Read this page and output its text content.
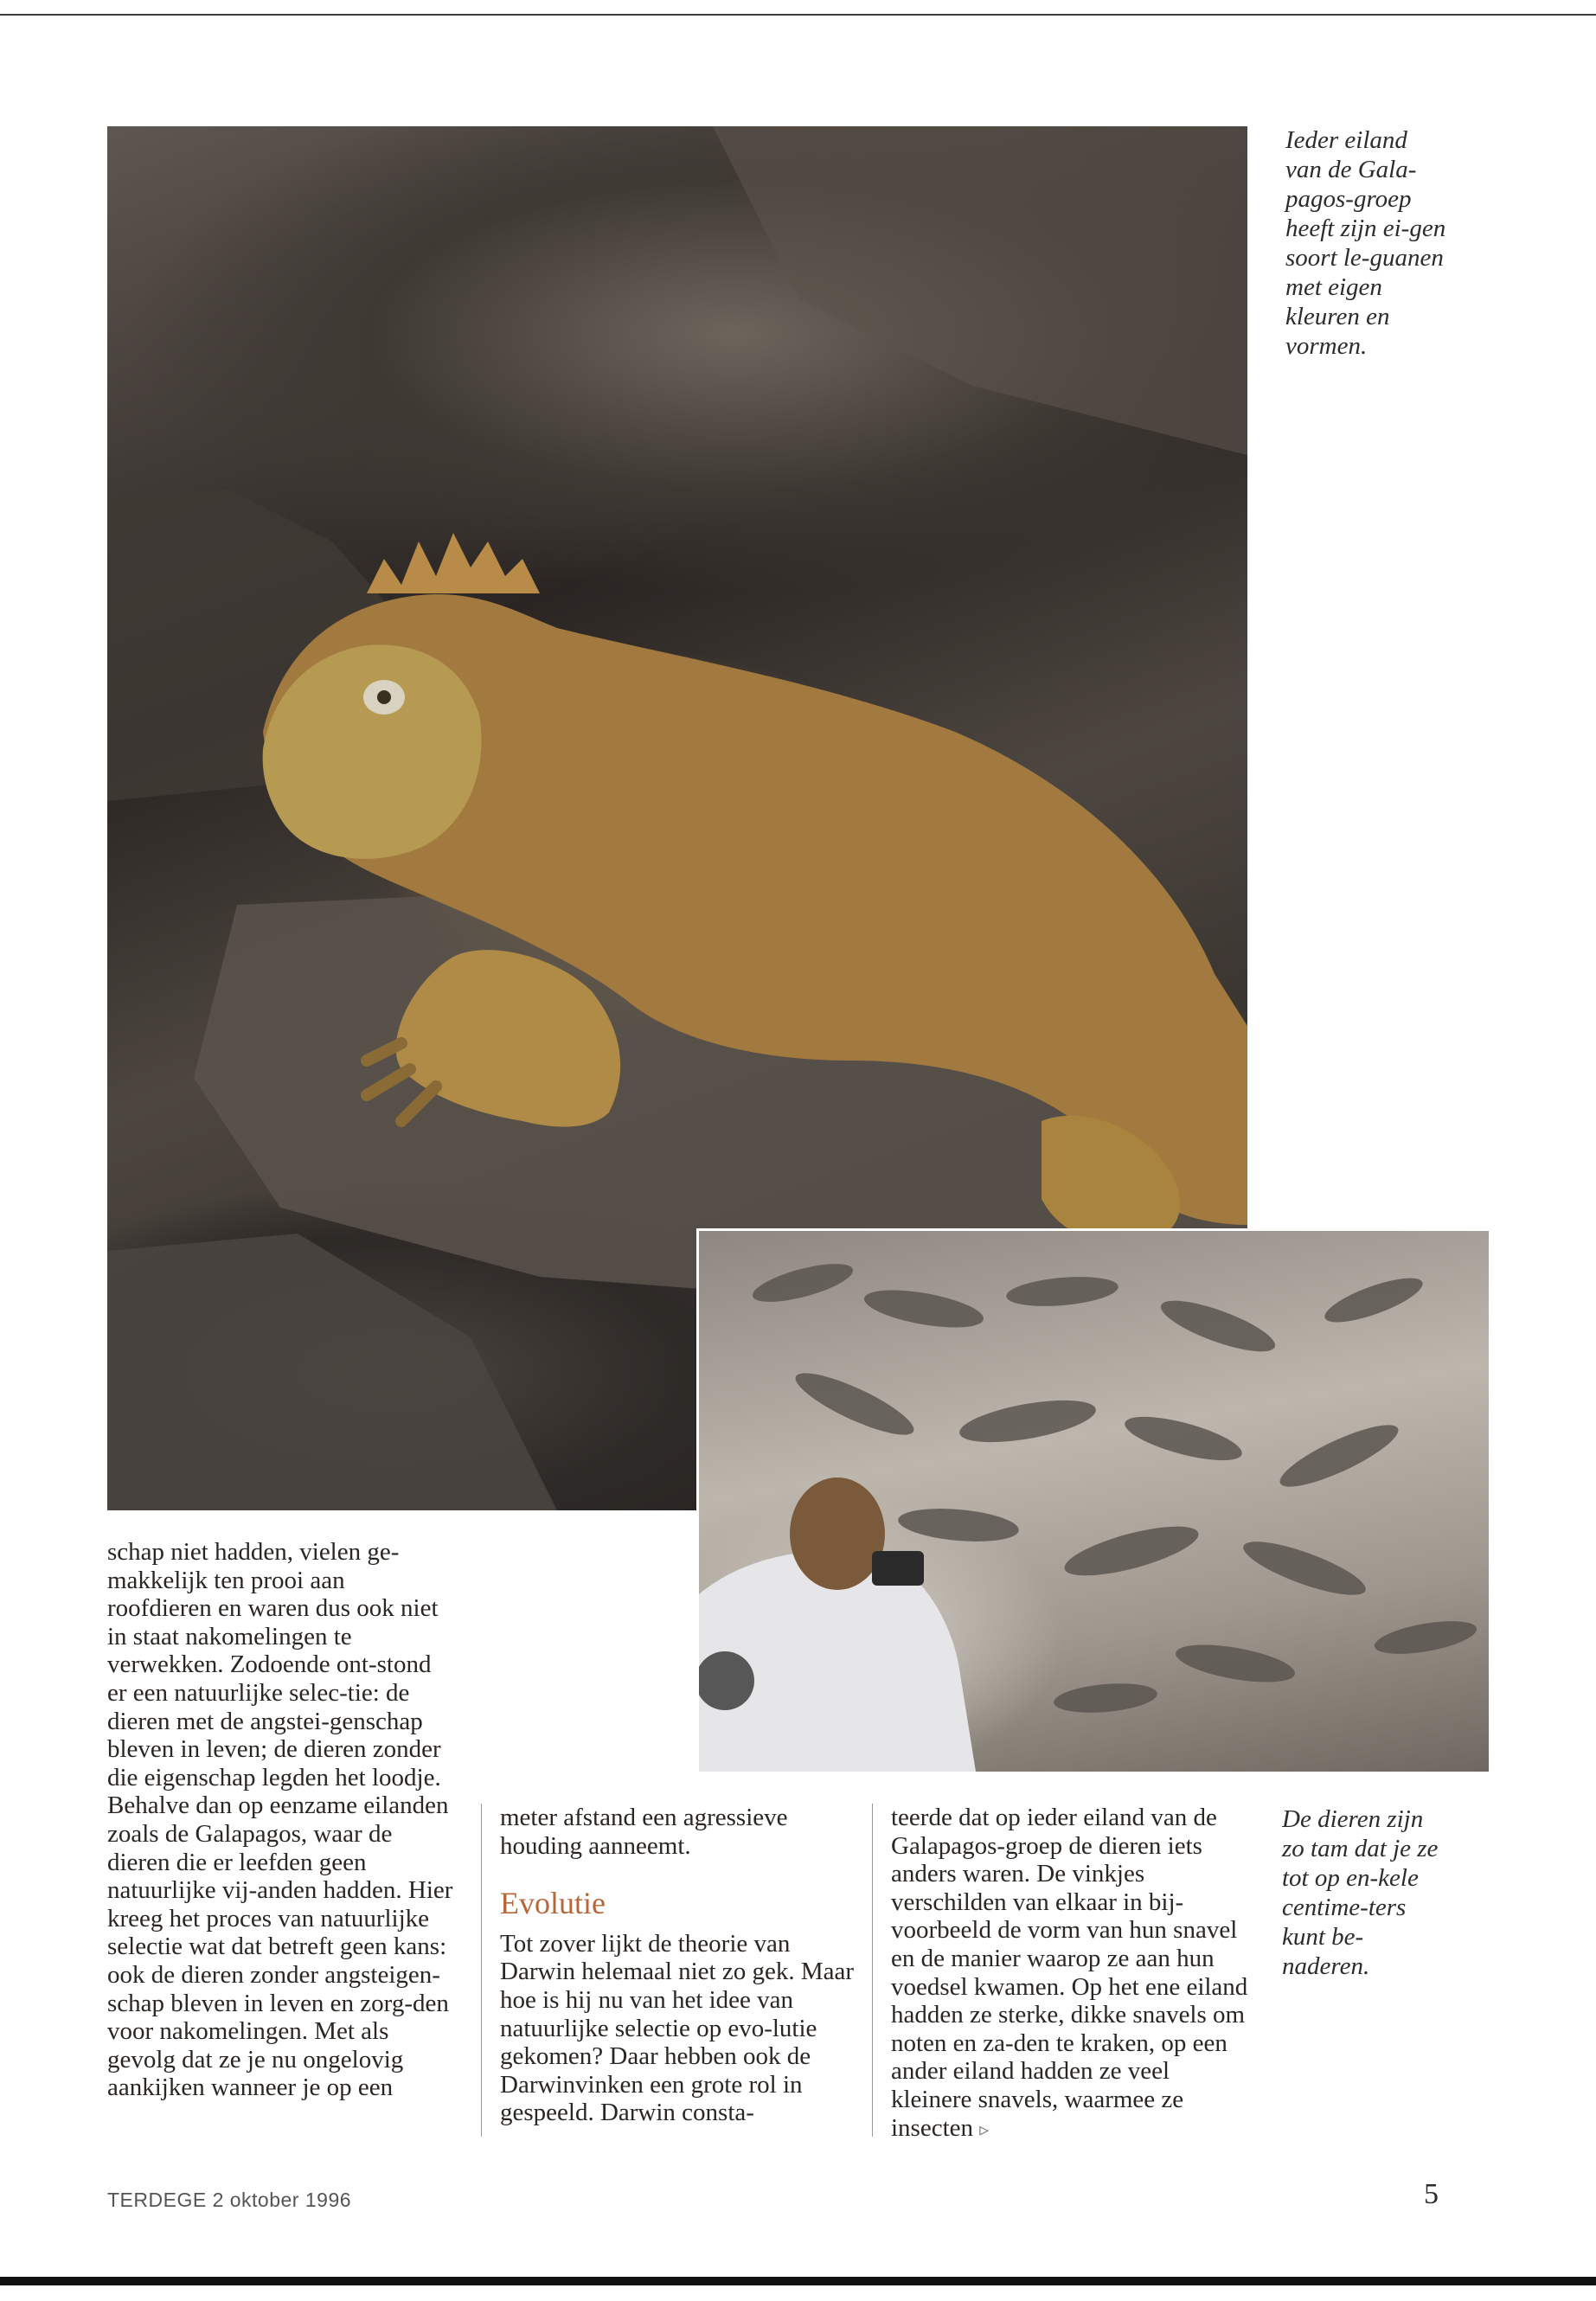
Ieder eiland van de Gala-pagos-groep heeft zijn ei-gen soort le-guanen met eigen kleuren en vormen.

schap niet hadden, vielen ge-makkelijk ten prooi aan roofdieren en waren dus ook niet in staat nakomelingen te verwekken. Zodoende ont-stond er een natuurlijke selec-tie: de dieren met de angstei-genschap bleven in leven; de dieren zonder die eigenschap legden het loodje. Behalve dan op eenzame eilanden zoals de Galapagos, waar de dieren die er leefden geen natuurlijke vij-anden hadden. Hier kreeg het proces van natuurlijke selectie wat dat betreft geen kans: ook de dieren zonder angsteigen-schap bleven in leven en zorg-den voor nakomelingen. Met als gevolg dat ze je nu ongelovig aankijken wanneer je op een

meter afstand een agressieve houding aanneemt.

Evolutie

Tot zover lijkt de theorie van Darwin helemaal niet zo gek. Maar hoe is hij nu van het idee van natuurlijke selectie op evo-lutie gekomen? Daar hebben ook de Darwinvinken een grote rol in gespeeld. Darwin consta-

teerde dat op ieder eiland van de Galapagos-groep de dieren iets anders waren. De vinkjes verschilden van elkaar in bij-voorbeeld de vorm van hun snavel en de manier waarop ze aan hun voedsel kwamen. Op het ene eiland hadden ze sterke, dikke snavels om noten en za-den te kraken, op een ander eiland hadden ze veel kleinere snavels, waarmee ze insecten ▹

De dieren zijn zo tam dat je ze tot op en-kele centime-ters kunt be-naderen.
TERDEGE 2 oktober 1996	5
